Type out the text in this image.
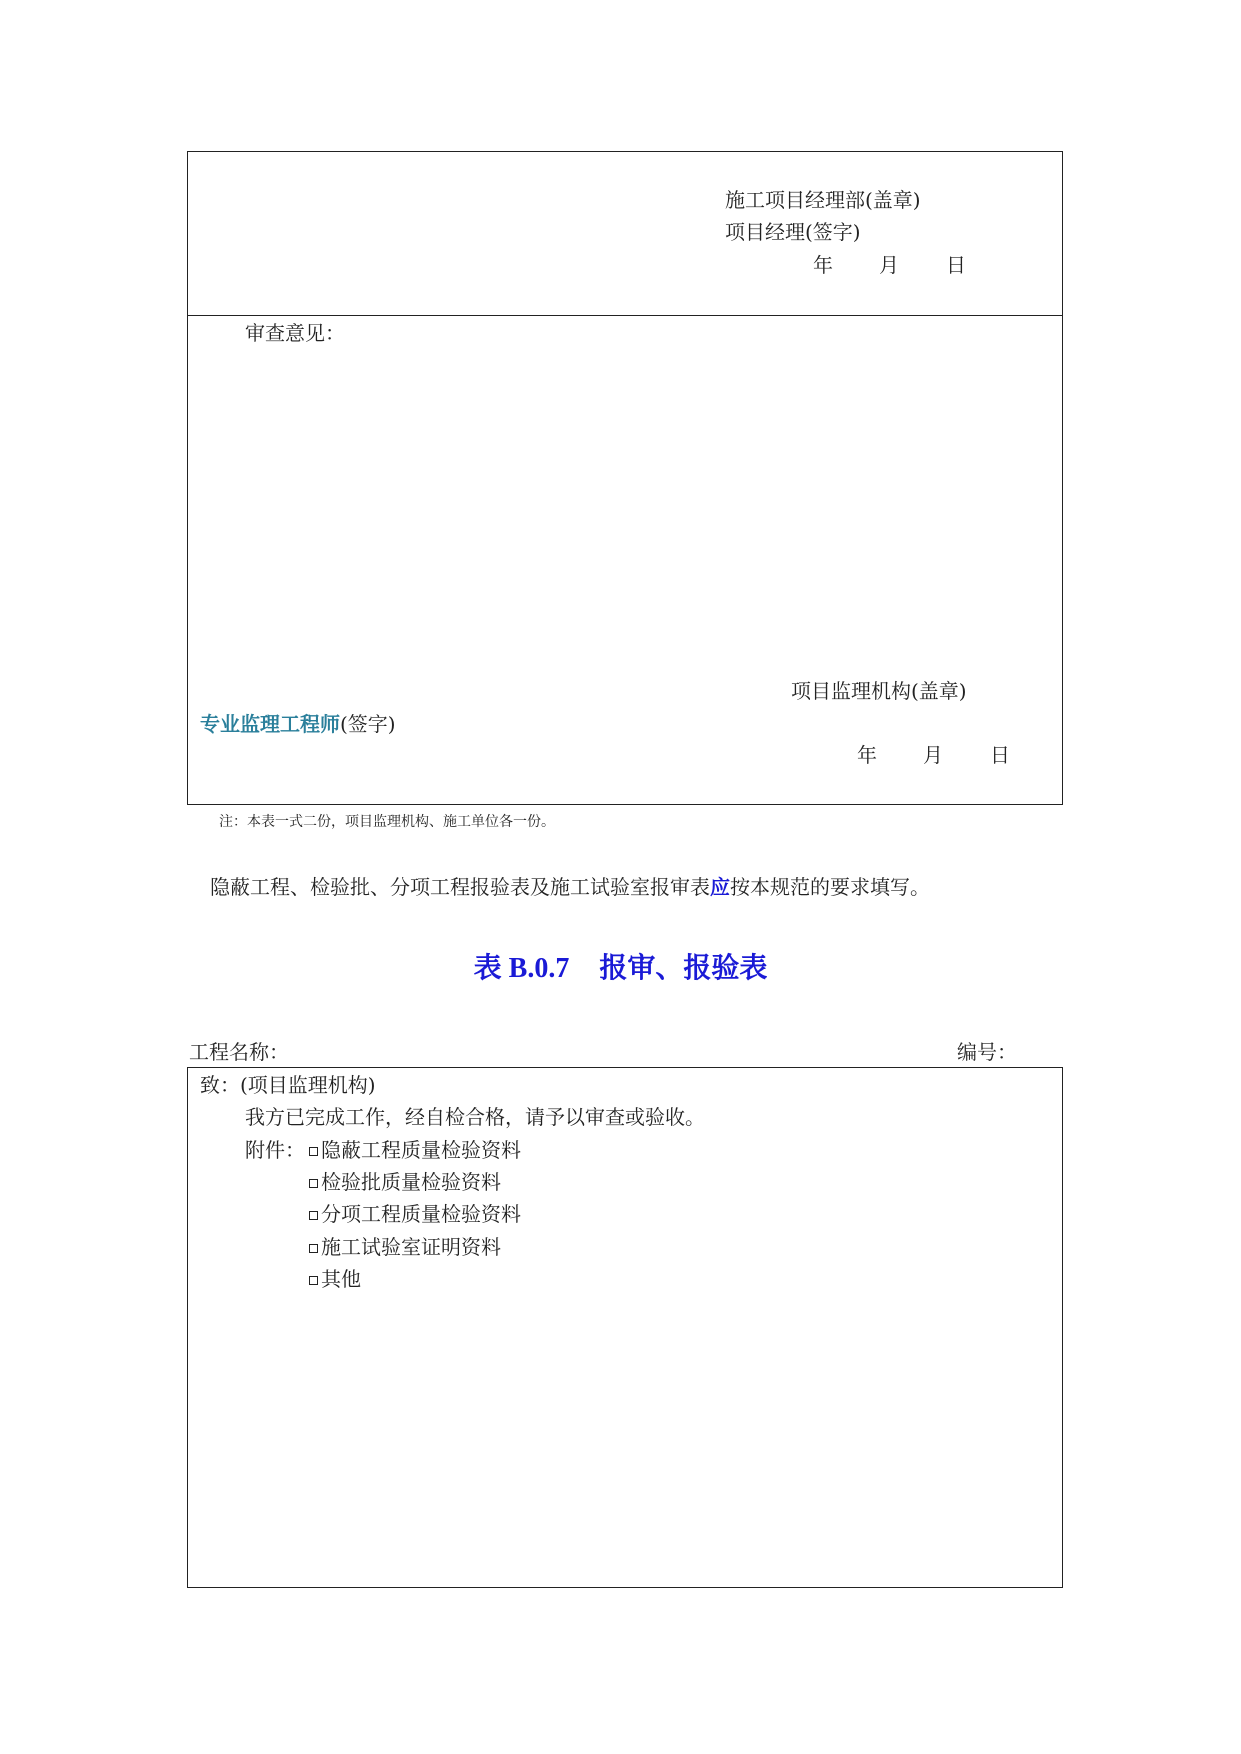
施工项目经理部(盖章)
项目经理(签字)
年 月 日
审查意见：
项目监理机构(盖章)
专业监理工程师(签字)
年 月 日
注：本表一式二份，项目监理机构、施工单位各一份。
隐蔽工程、检验批、分项工程报验表及施工试验室报审表应按本规范的要求填写。
表 B.0.7 报审、报验表
工程名称：	编号：
致：(项目监理机构)
我方已完成工作，经自检合格，请予以审查或验收。
附件： 隐蔽工程质量检验资料
检验批质量检验资料
分项工程质量检验资料
施工试验室证明资料
其他
